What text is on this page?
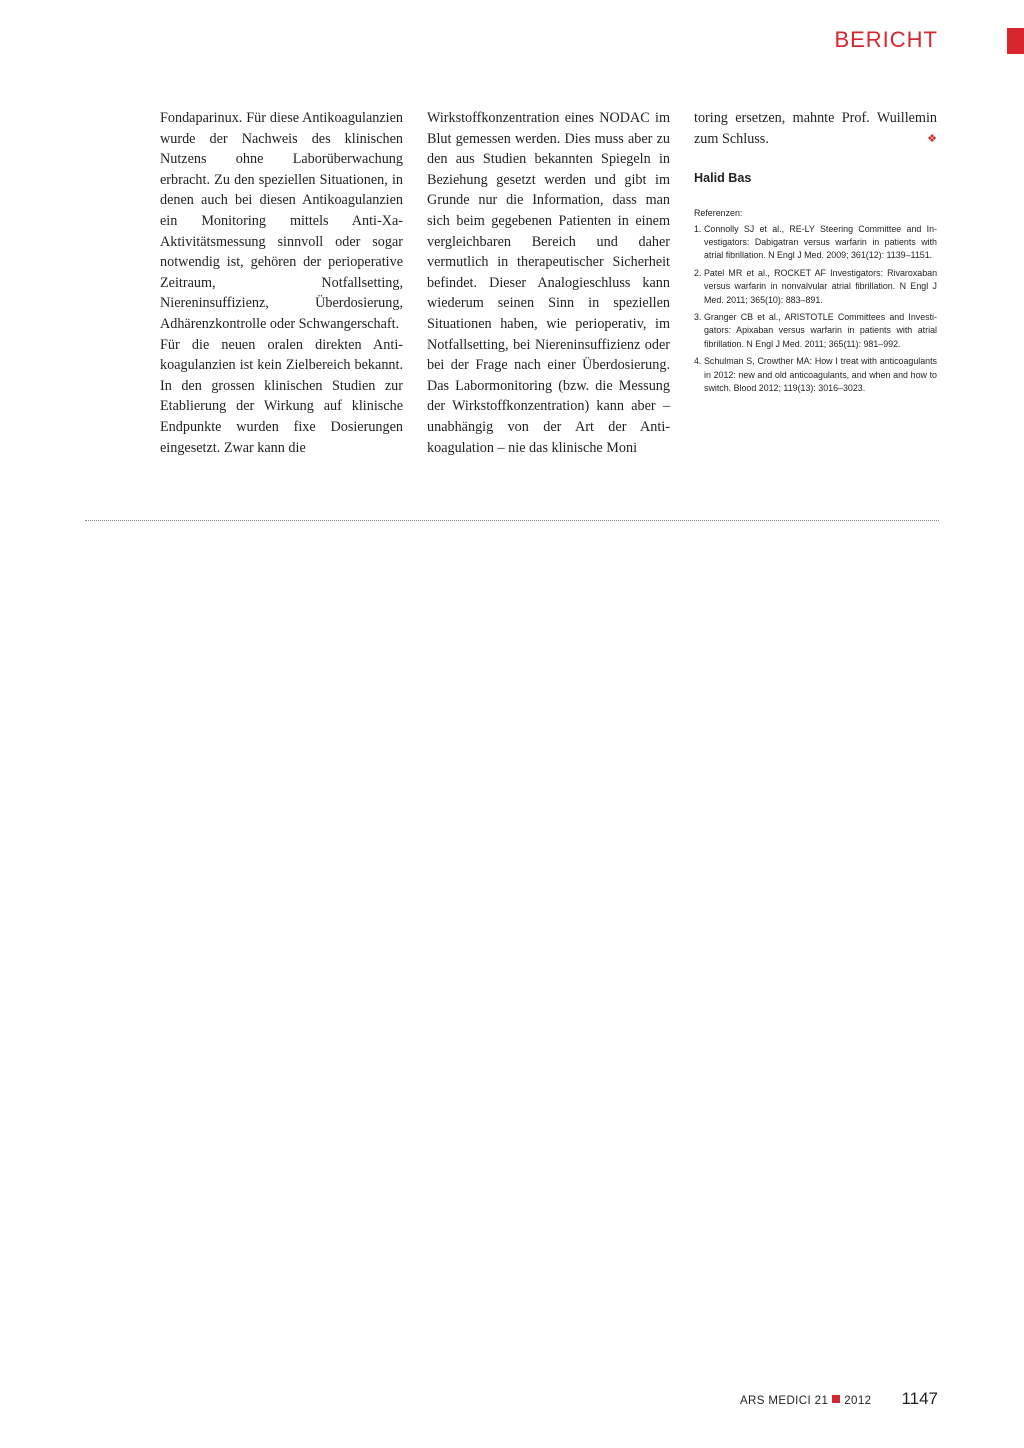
BERICHT

Fondaparinux. Für diese Antikoagulanzien wurde der Nachweis des klinischen Nutzens ohne Laborüberwachung erbracht. Zu den speziellen Situationen, in denen auch bei diesen Antikoagulanzien ein Monitoring mittels Anti-Xa-Aktivitätsmessung sinnvoll oder sogar notwendig ist, gehören der perioperative Zeitraum, Notfallsetting, Niereninsuffizienz, Überdosierung, Adhärenzkontrolle oder Schwangerschaft.

Für die neuen oralen direkten Antikoagulanzien ist kein Zielbereich bekannt. In den grossen klinischen Studien zur Etablierung der Wirkung auf klinische Endpunkte wurden fixe Dosierungen eingesetzt. Zwar kann die

Wirkstoffkonzentration eines NODAC im Blut gemessen werden. Dies muss aber zu den aus Studien bekannten Spiegeln in Beziehung gesetzt werden und gibt im Grunde nur die Information, dass man sich beim gegebenen Patienten in einem vergleichbaren Bereich und daher vermutlich in therapeutischer Sicherheit befindet. Dieser Analogieschluss kann wiederum seinen Sinn in speziellen Situationen haben, wie perioperativ, im Notfallsetting, bei Niereninsuffizienz oder bei der Frage nach einer Überdosierung. Das Labormonitoring (bzw. die Messung der Wirkstoffkonzentration) kann aber – unabhängig von der Art der Antikoagulation – nie das klinische Moni

toring ersetzen, mahnte Prof. Wuillemin zum Schluss.	❖

Halid Bas
Referenzen:
1. Connolly SJ et al., RE-LY Steering Committee and Investigators: Dabigatran versus warfarin in patients with atrial fibrillation. N Engl J Med. 2009; 361(12): 1139–1151.
2. Patel MR et al., ROCKET AF Investigators: Rivaroxaban versus warfarin in nonvalvular atrial fibrillation. N Engl J Med. 2011; 365(10): 883–891.
3. Granger CB et al., ARISTOTLE Committees and Investigators: Apixaban versus warfarin in patients with atrial fibrillation. N Engl J Med. 2011; 365(11): 981–992.
4. Schulman S, Crowther MA: How I treat with anticoagulants in 2012: new and old anticoagulants, and when and how to switch. Blood 2012; 119(13): 3016–3023.
ARS MEDICI 21 2012 1147
